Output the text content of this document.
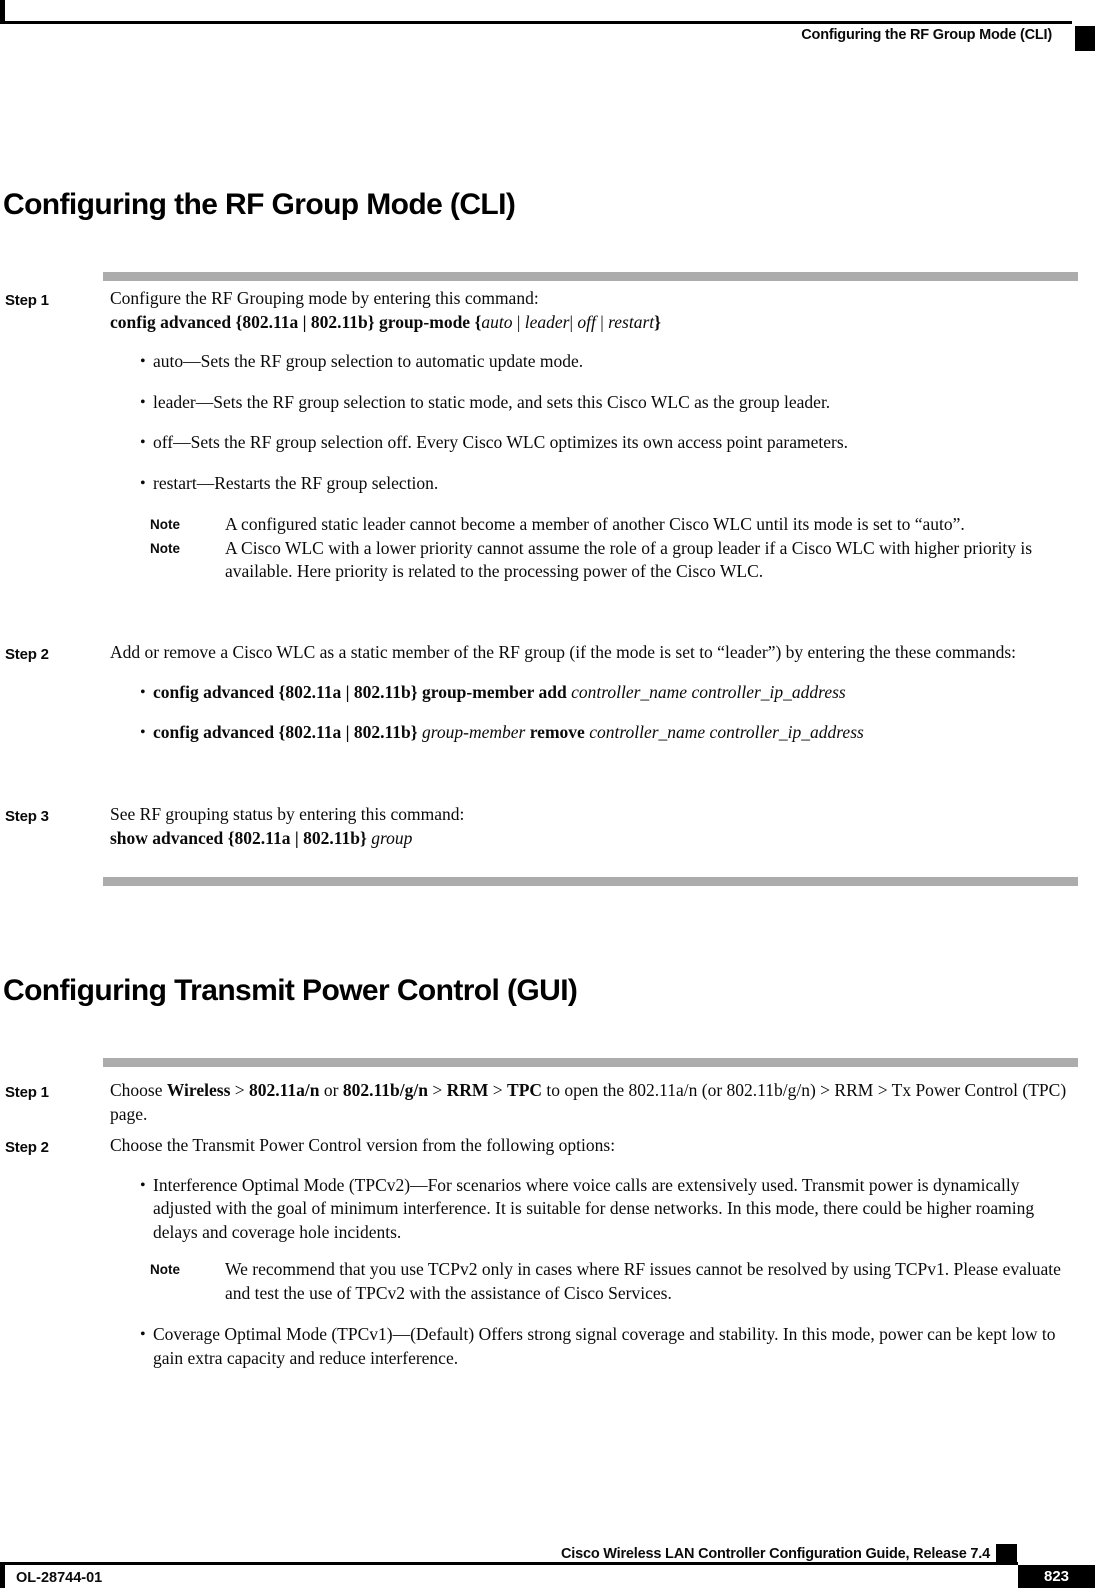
Configuring the RF Group Mode (CLI)
Configuring the RF Group Mode (CLI)
Step 1	Configure the RF Grouping mode by entering this command:
config advanced {802.11a | 802.11b} group-mode {auto | leader| off | restart}
• auto—Sets the RF group selection to automatic update mode.
• leader—Sets the RF group selection to static mode, and sets this Cisco WLC as the group leader.
• off—Sets the RF group selection off. Every Cisco WLC optimizes its own access point parameters.
• restart—Restarts the RF group selection.
Note	A configured static leader cannot become a member of another Cisco WLC until its mode is set to “auto”.
Note	A Cisco WLC with a lower priority cannot assume the role of a group leader if a Cisco WLC with higher priority is available. Here priority is related to the processing power of the Cisco WLC.
Step 2	Add or remove a Cisco WLC as a static member of the RF group (if the mode is set to “leader”) by entering the these commands:
• config advanced {802.11a | 802.11b} group-member add controller_name controller_ip_address
• config advanced {802.11a | 802.11b} group-member remove controller_name controller_ip_address
Step 3	See RF grouping status by entering this command:
show advanced {802.11a | 802.11b} group
Configuring Transmit Power Control (GUI)
Step 1	Choose Wireless > 802.11a/n or 802.11b/g/n > RRM > TPC to open the 802.11a/n (or 802.11b/g/n) > RRM > Tx Power Control (TPC) page.
Step 2	Choose the Transmit Power Control version from the following options:
• Interference Optimal Mode (TPCv2)—For scenarios where voice calls are extensively used. Transmit power is dynamically adjusted with the goal of minimum interference. It is suitable for dense networks. In this mode, there could be higher roaming delays and coverage hole incidents.
Note	We recommend that you use TCPv2 only in cases where RF issues cannot be resolved by using TCPv1. Please evaluate and test the use of TPCv2 with the assistance of Cisco Services.
• Coverage Optimal Mode (TPCv1)—(Default) Offers strong signal coverage and stability. In this mode, power can be kept low to gain extra capacity and reduce interference.
Cisco Wireless LAN Controller Configuration Guide, Release 7.4
OL-28744-01	823
